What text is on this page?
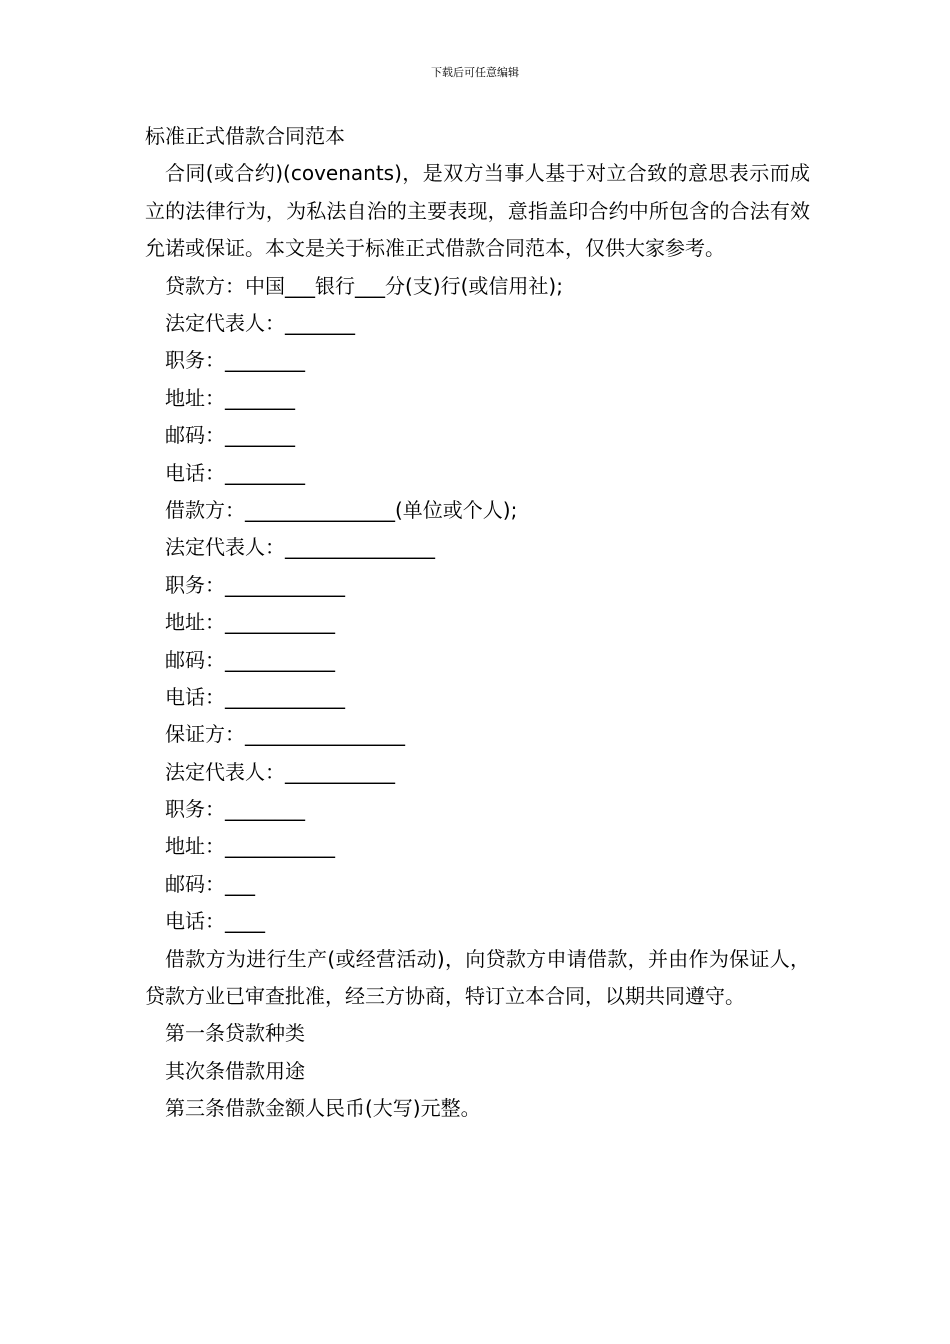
下载后可任意编辑
标准正式借款合同范本

合同(或合约)(covenants)，是双方当事人基于对立合致的意思表示而成立的法律行为，为私法自治的主要表现，意指盖印合约中所包含的合法有效允诺或保证。本文是关于标准正式借款合同范本，仅供大家参考。

贷款方：中国___银行___分(支)行(或信用社);
法定代表人：_______
职务：________
地址：_______
邮码：_______
电话：________
借款方：_______________(单位或个人);
法定代表人：_______________
职务：____________
地址：___________
邮码：___________
电话：____________
保证方：________________
法定代表人：___________
职务：________
地址：___________
邮码：___
电话：____

借款方为进行生产(或经营活动)，向贷款方申请借款，并由作为保证人，贷款方业已审查批准，经三方协商，特订立本合同，以期共同遵守。

第一条贷款种类
其次条借款用途
第三条借款金额人民币(大写)元整。
